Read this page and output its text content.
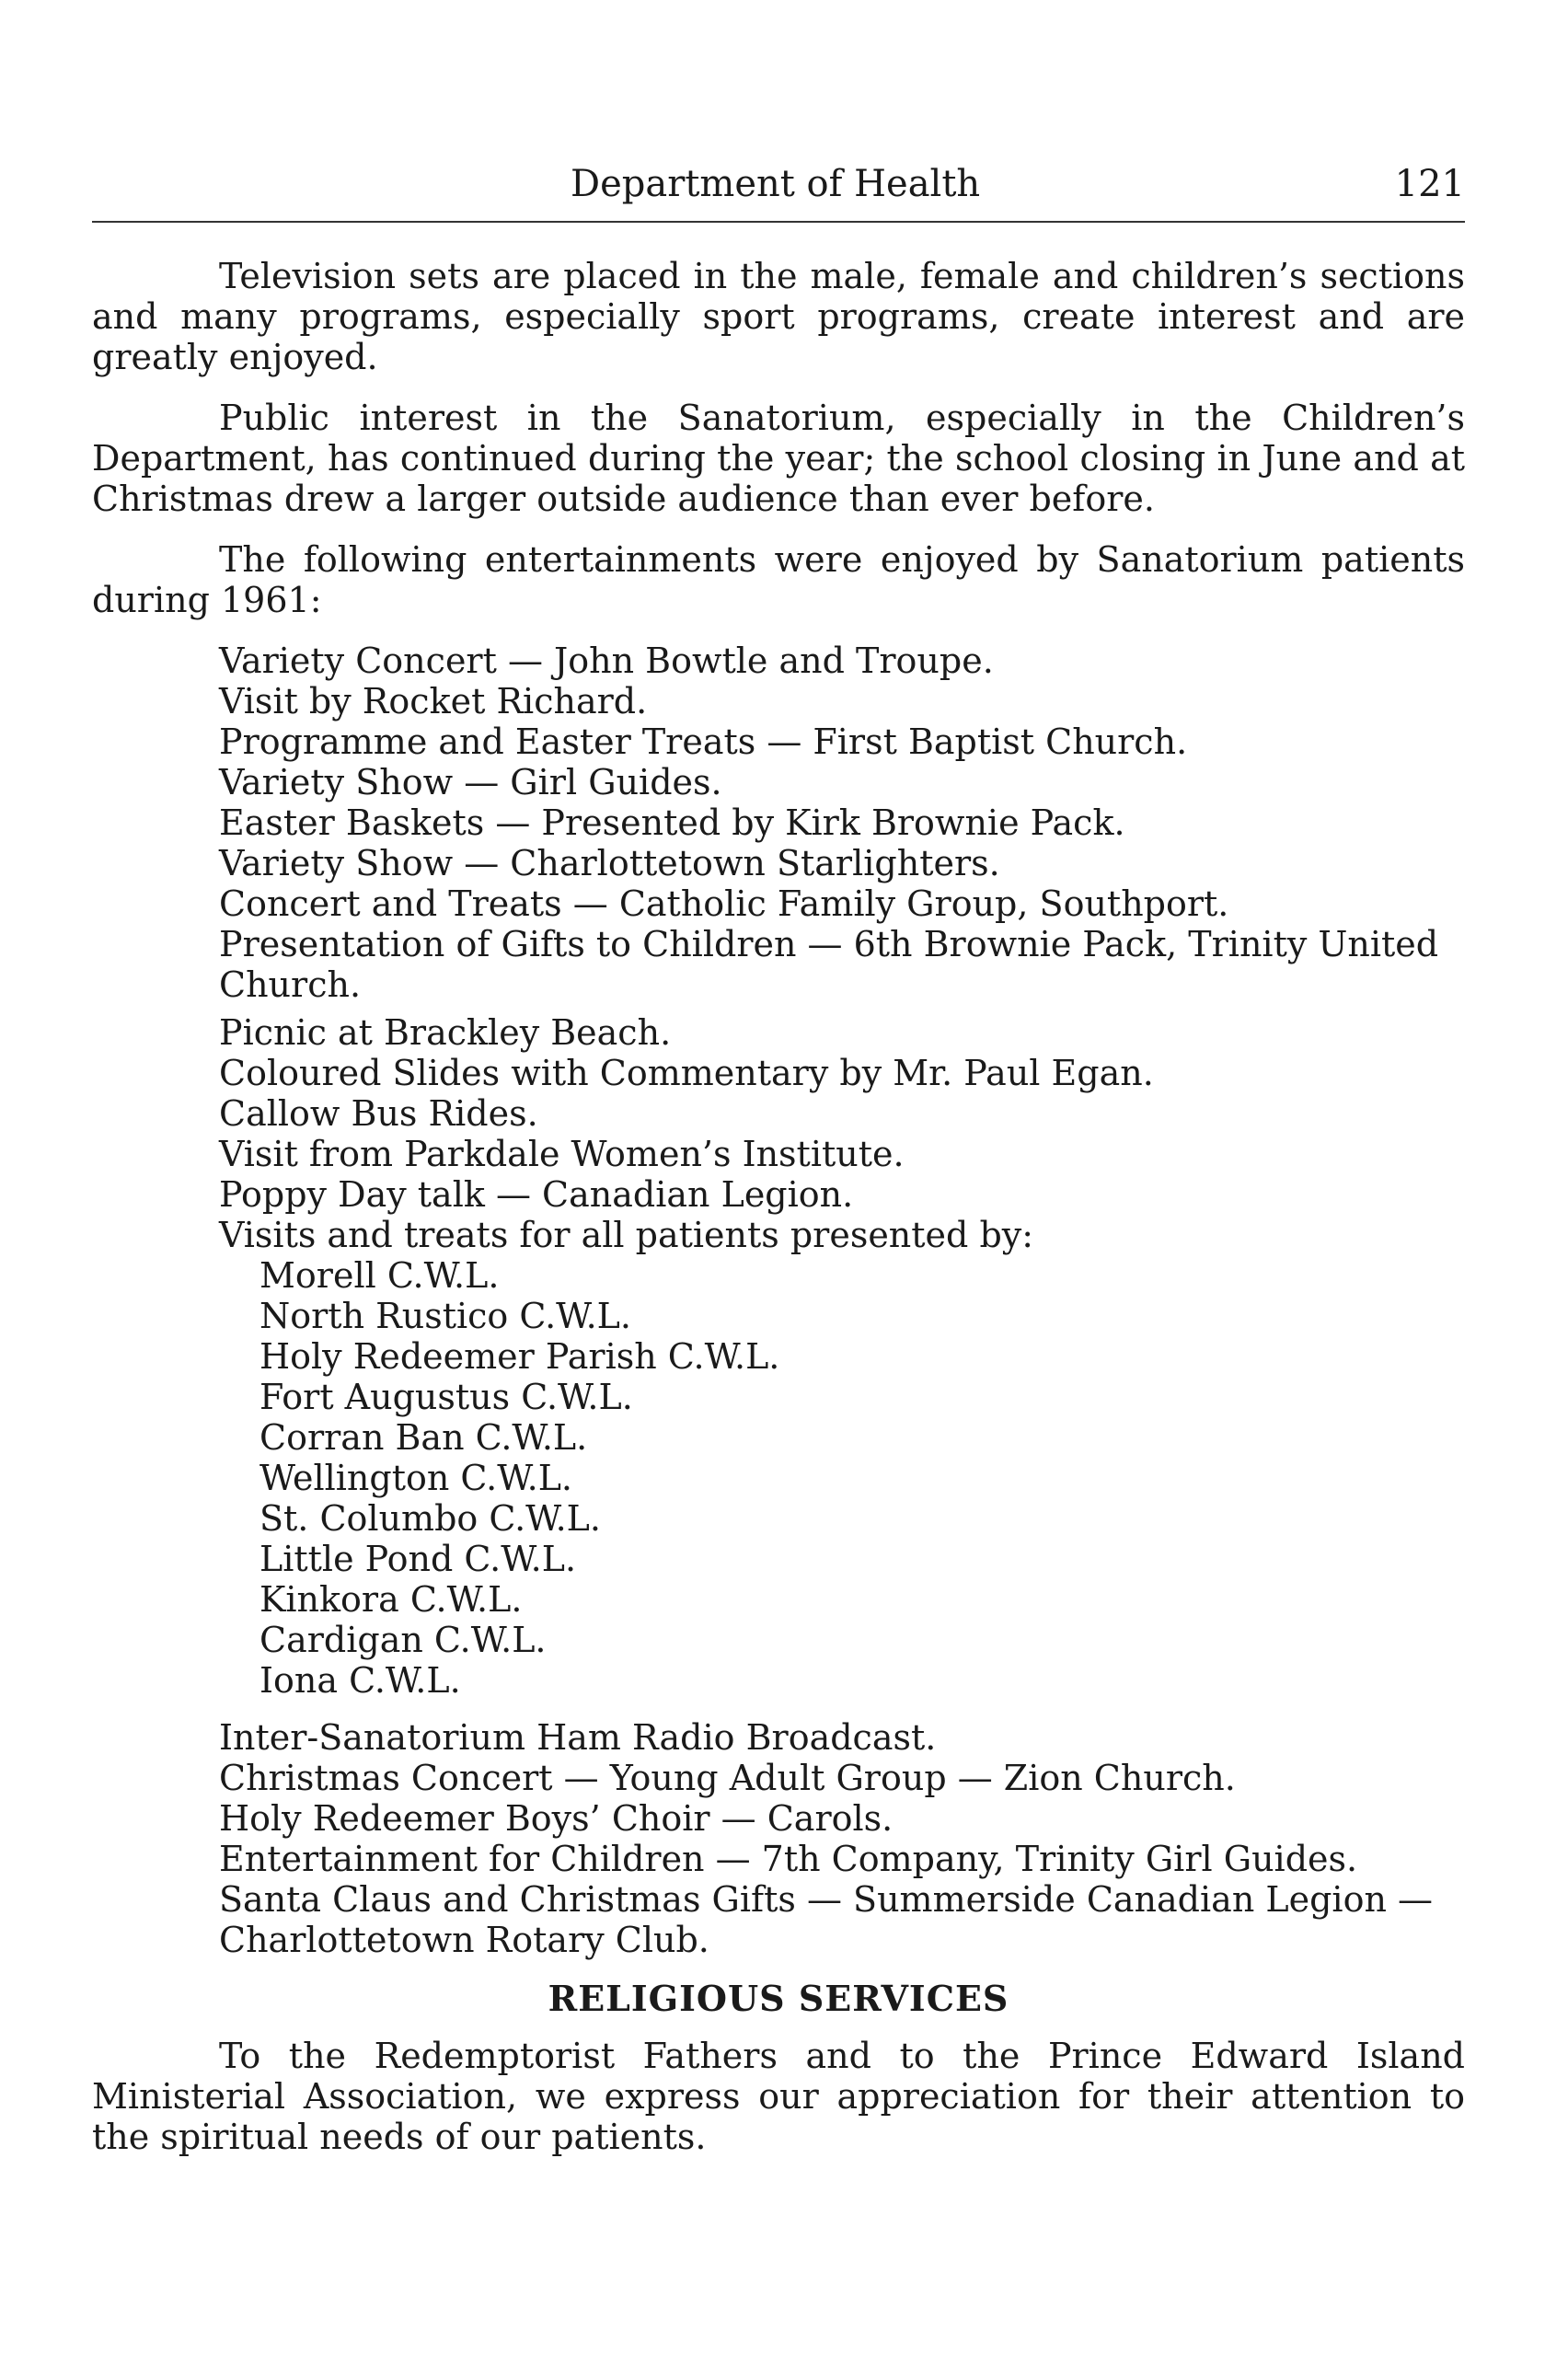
Department of Health	121

Television sets are placed in the male, female and children’s sections and many programs, especially sport programs, create interest and are greatly enjoyed.

Public interest in the Sanatorium, especially in the Children’s Department, has continued during the year; the school closing in June and at Christmas drew a larger outside audience than ever before.

The following entertainments were enjoyed by Sanatorium patients during 1961:

Variety Concert — John Bowtle and Troupe.
Visit by Rocket Richard.
Programme and Easter Treats — First Baptist Church.
Variety Show — Girl Guides.
Easter Baskets — Presented by Kirk Brownie Pack.
Variety Show — Charlottetown Starlighters.
Concert and Treats — Catholic Family Group, Southport.
Presentation of Gifts to Children — 6th Brownie Pack, Trinity United Church.
Picnic at Brackley Beach.
Coloured Slides with Commentary by Mr. Paul Egan.
Callow Bus Rides.
Visit from Parkdale Women’s Institute.
Poppy Day talk — Canadian Legion.
Visits and treats for all patients presented by:
Morell C.W.L.
North Rustico C.W.L.
Holy Redeemer Parish C.W.L.
Fort Augustus C.W.L.
Corran Ban C.W.L.
Wellington C.W.L.
St. Columbo C.W.L.
Little Pond C.W.L.
Kinkora C.W.L.
Cardigan C.W.L.
Iona C.W.L.
Inter-Sanatorium Ham Radio Broadcast.
Christmas Concert — Young Adult Group — Zion Church.
Holy Redeemer Boys’ Choir — Carols.
Entertainment for Children — 7th Company, Trinity Girl Guides.
Santa Claus and Christmas Gifts — Summerside Canadian Legion —Charlottetown Rotary Club.
RELIGIOUS SERVICES

To the Redemptorist Fathers and to the Prince Edward Island Ministerial Association, we express our appreciation for their attention to the spiritual needs of our patients.
